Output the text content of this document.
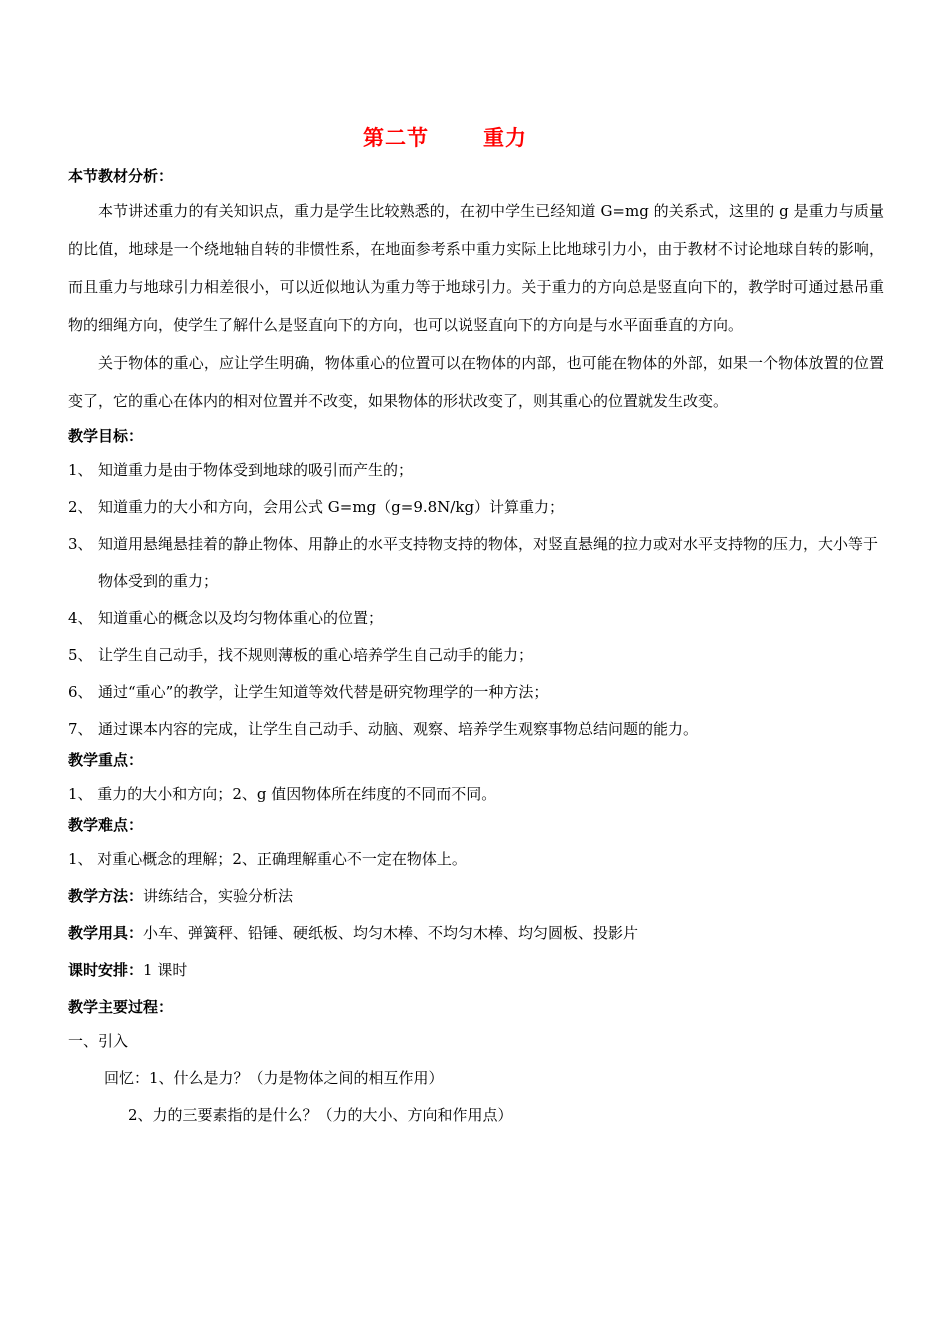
第二节	重力
本节教材分析：
本节讲述重力的有关知识点，重力是学生比较熟悉的，在初中学生已经知道 G=mg 的关系式，这里的 g 是重力与质量的比值，地球是一个绕地轴自转的非惯性系，在地面参考系中重力实际上比地球引力小，由于教材不讨论地球自转的影响，而且重力与地球引力相差很小，可以近似地认为重力等于地球引力。关于重力的方向总是竖直向下的，教学时可通过悬吊重物的细绳方向，使学生了解什么是竖直向下的方向，也可以说竖直向下的方向是与水平面垂直的方向。
关于物体的重心，应让学生明确，物体重心的位置可以在物体的内部，也可能在物体的外部，如果一个物体放置的位置变了，它的重心在体内的相对位置并不改变，如果物体的形状改变了，则其重心的位置就发生改变。
教学目标：
1、 知道重力是由于物体受到地球的吸引而产生的；
2、 知道重力的大小和方向，会用公式 G=mg（g=9.8N/kg）计算重力；
3、 知道用悬绳悬挂着的静止物体、用静止的水平支持物支持的物体，对竖直悬绳的拉力或对水平支持物的压力，大小等于物体受到的重力；
4、 知道重心的概念以及均匀物体重心的位置；
5、 让学生自己动手，找不规则薄板的重心培养学生自己动手的能力；
6、 通过“重心”的教学，让学生知道等效代替是研究物理学的一种方法；
7、 通过课本内容的完成，让学生自己动手、动脑、观察、培养学生观察事物总结问题的能力。
教学重点：
1、 重力的大小和方向；2、g 值因物体所在纬度的不同而不同。
教学难点：
1、 对重心概念的理解；2、正确理解重心不一定在物体上。
教学方法：讲练结合，实验分析法
教学用具：小车、弹簧秤、铅锤、硬纸板、均匀木棒、不均匀木棒、均匀圆板、投影片
课时安排：1 课时
教学主要过程：
一、引入
回忆：1、什么是力？（力是物体之间的相互作用）
2、力的三要素指的是什么？（力的大小、方向和作用点）
